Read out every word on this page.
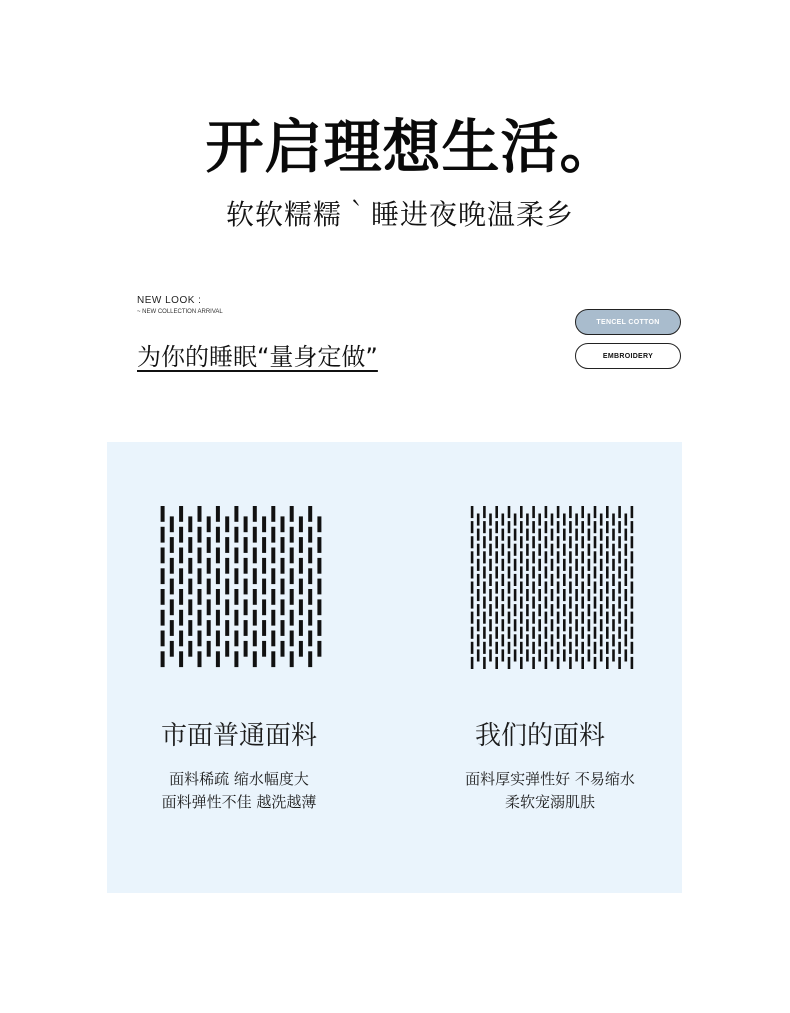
开启理想生活。
软软糯糯｀睡进夜晚温柔乡
NEW LOOK :
~ NEW COLLECTION ARRIVAL
为你的睡眠“量身定做”
TENCEL COTTON
EMBROIDERY
市面普通面料
面料稀疏 缩水幅度大
面料弹性不佳 越洗越薄
我们的面料
面料厚实弹性好 不易缩水
柔软宠溺肌肤
